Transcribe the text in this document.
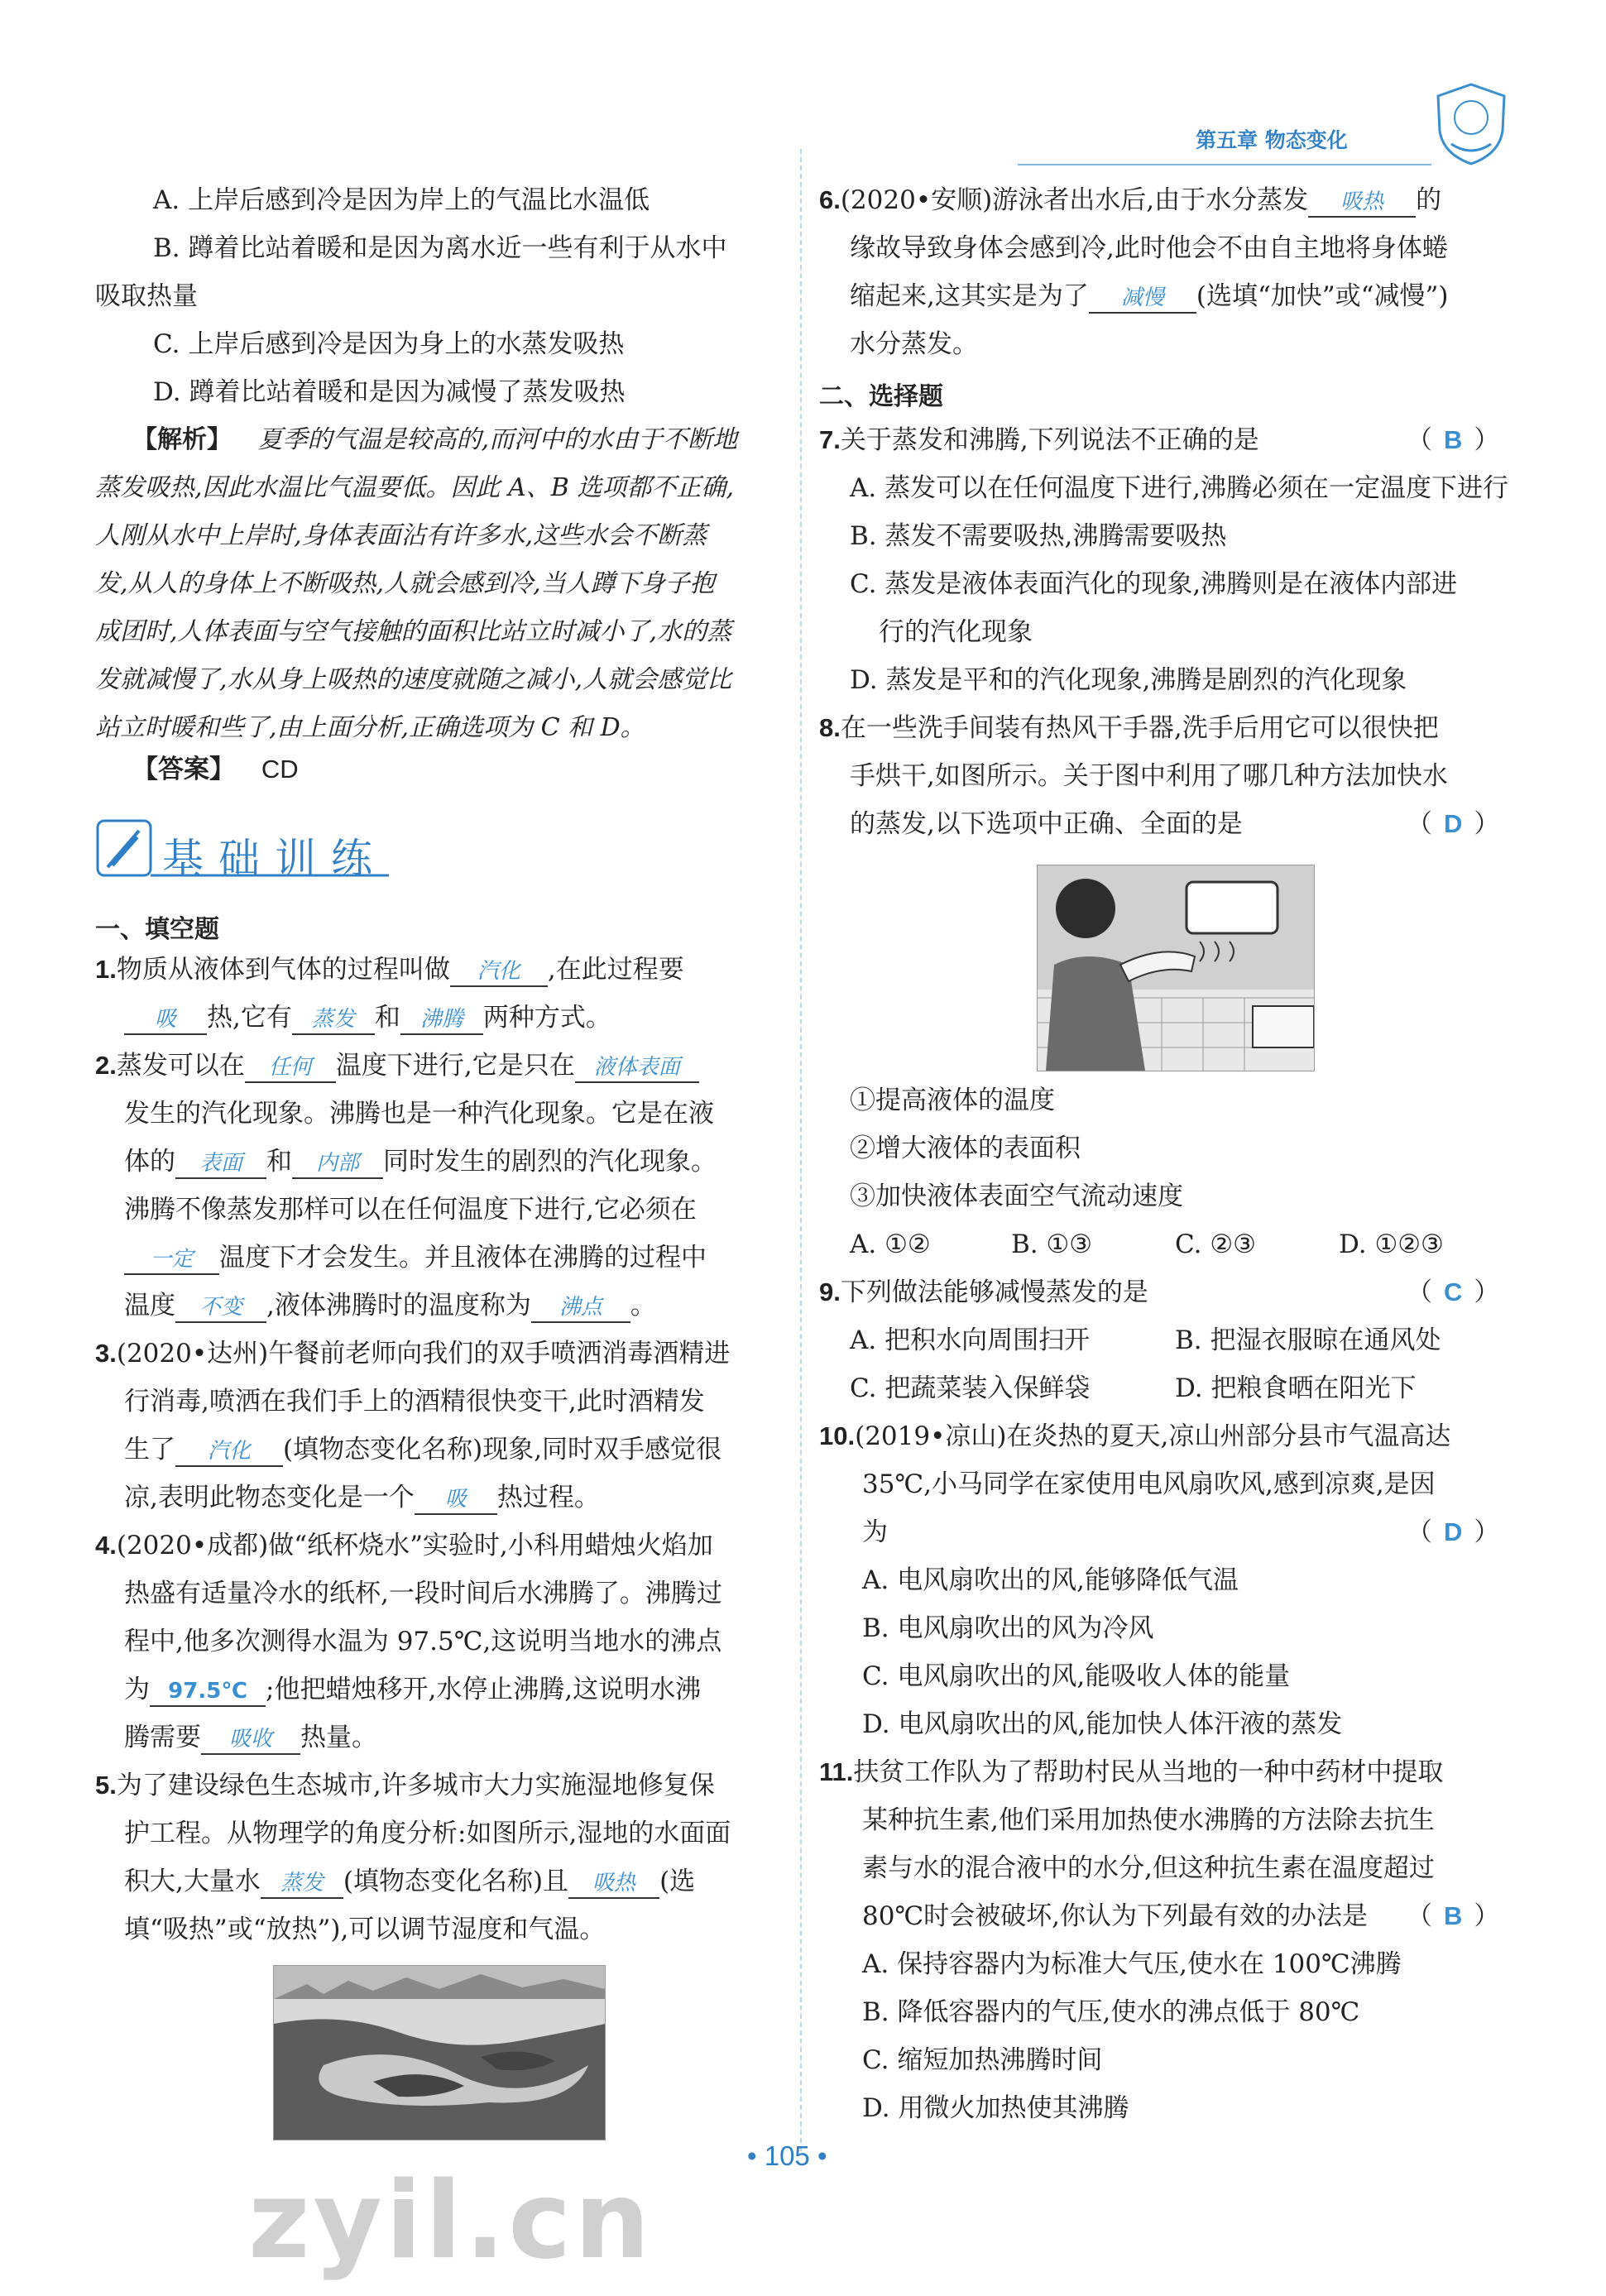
第五章 物态变化
A. 上岸后感到冷是因为岸上的气温比水温低
B. 蹲着比站着暖和是因为离水近一些有利于从水中
吸取热量
C. 上岸后感到冷是因为身上的水蒸发吸热
D. 蹲着比站着暖和是因为减慢了蒸发吸热
【解析】 夏季的气温是较高的,而河中的水由于不断地
蒸发吸热,因此水温比气温要低。因此 A、B 选项都不正确,
人刚从水中上岸时,身体表面沾有许多水,这些水会不断蒸
发,从人的身体上不断吸热,人就会感到冷,当人蹲下身子抱
成团时,人体表面与空气接触的面积比站立时减小了,水的蒸
发就减慢了,水从身上吸热的速度就随之减小,人就会感觉比
站立时暖和些了,由上面分析,正确选项为 C 和 D。
【答案】 CD
基础训练
一、填空题
1.物质从液体到气体的过程叫做 汽化 ,在此过程要
吸 热,它有 蒸发 和 沸腾 两种方式。
2.蒸发可以在 任何 温度下进行,它是只在 液体表面
发生的汽化现象。沸腾也是一种汽化现象。它是在液
体的 表面 和 内部 同时发生的剧烈的汽化现象。
沸腾不像蒸发那样可以在任何温度下进行,它必须在
一定 温度下才会发生。并且液体在沸腾的过程中
温度 不变 ,液体沸腾时的温度称为 沸点 。
3.(2020•达州)午餐前老师向我们的双手喷洒消毒酒精进
行消毒,喷洒在我们手上的酒精很快变干,此时酒精发
生了 汽化 (填物态变化名称)现象,同时双手感觉很
凉,表明此物态变化是一个 吸 热过程。
4.(2020•成都)做“纸杯烧水”实验时,小科用蜡烛火焰加
热盛有适量冷水的纸杯,一段时间后水沸腾了。沸腾过
程中,他多次测得水温为 97.5℃,这说明当地水的沸点
为 97.5℃ ;他把蜡烛移开,水停止沸腾,这说明水沸
腾需要 吸收 热量。
5.为了建设绿色生态城市,许多城市大力实施湿地修复保
护工程。从物理学的角度分析:如图所示,湿地的水面面
积大,大量水 蒸发 (填物态变化名称)且 吸热 (选
填“吸热”或“放热”),可以调节湿度和气温。
6.(2020•安顺)游泳者出水后,由于水分蒸发 吸热 的
缘故导致身体会感到冷,此时他会不由自主地将身体蜷
缩起来,这其实是为了 减慢 (选填“加快”或“减慢”)
水分蒸发。
二、选择题
7.关于蒸发和沸腾,下列说法不正确的是	（ B ）
A. 蒸发可以在任何温度下进行,沸腾必须在一定温度下进行
B. 蒸发不需要吸热,沸腾需要吸热
C. 蒸发是液体表面汽化的现象,沸腾则是在液体内部进
行的汽化现象
D. 蒸发是平和的汽化现象,沸腾是剧烈的汽化现象
8.在一些洗手间装有热风干手器,洗手后用它可以很快把
手烘干,如图所示。关于图中利用了哪几种方法加快水
的蒸发,以下选项中正确、全面的是	（ D ）
①提高液体的温度
②增大液体的表面积
③加快液体表面空气流动速度
A. ①②	B. ①③	C. ②③	D. ①②③
9.下列做法能够减慢蒸发的是	（ C ）
A. 把积水向周围扫开	B. 把湿衣服晾在通风处
C. 把蔬菜装入保鲜袋	D. 把粮食晒在阳光下
10.(2019•凉山)在炎热的夏天,凉山州部分县市气温高达
35℃,小马同学在家使用电风扇吹风,感到凉爽,是因
为	（ D ）
A. 电风扇吹出的风,能够降低气温
B. 电风扇吹出的风为冷风
C. 电风扇吹出的风,能吸收人体的能量
D. 电风扇吹出的风,能加快人体汗液的蒸发
11.扶贫工作队为了帮助村民从当地的一种中药材中提取
某种抗生素,他们采用加热使水沸腾的方法除去抗生
素与水的混合液中的水分,但这种抗生素在温度超过
80℃时会被破坏,你认为下列最有效的办法是 （ B ）
A. 保持容器内为标准大气压,使水在 100℃沸腾
B. 降低容器内的气压,使水的沸点低于 80℃
C. 缩短加热沸腾时间
D. 用微火加热使其沸腾
• 105 •
zyil.cn
